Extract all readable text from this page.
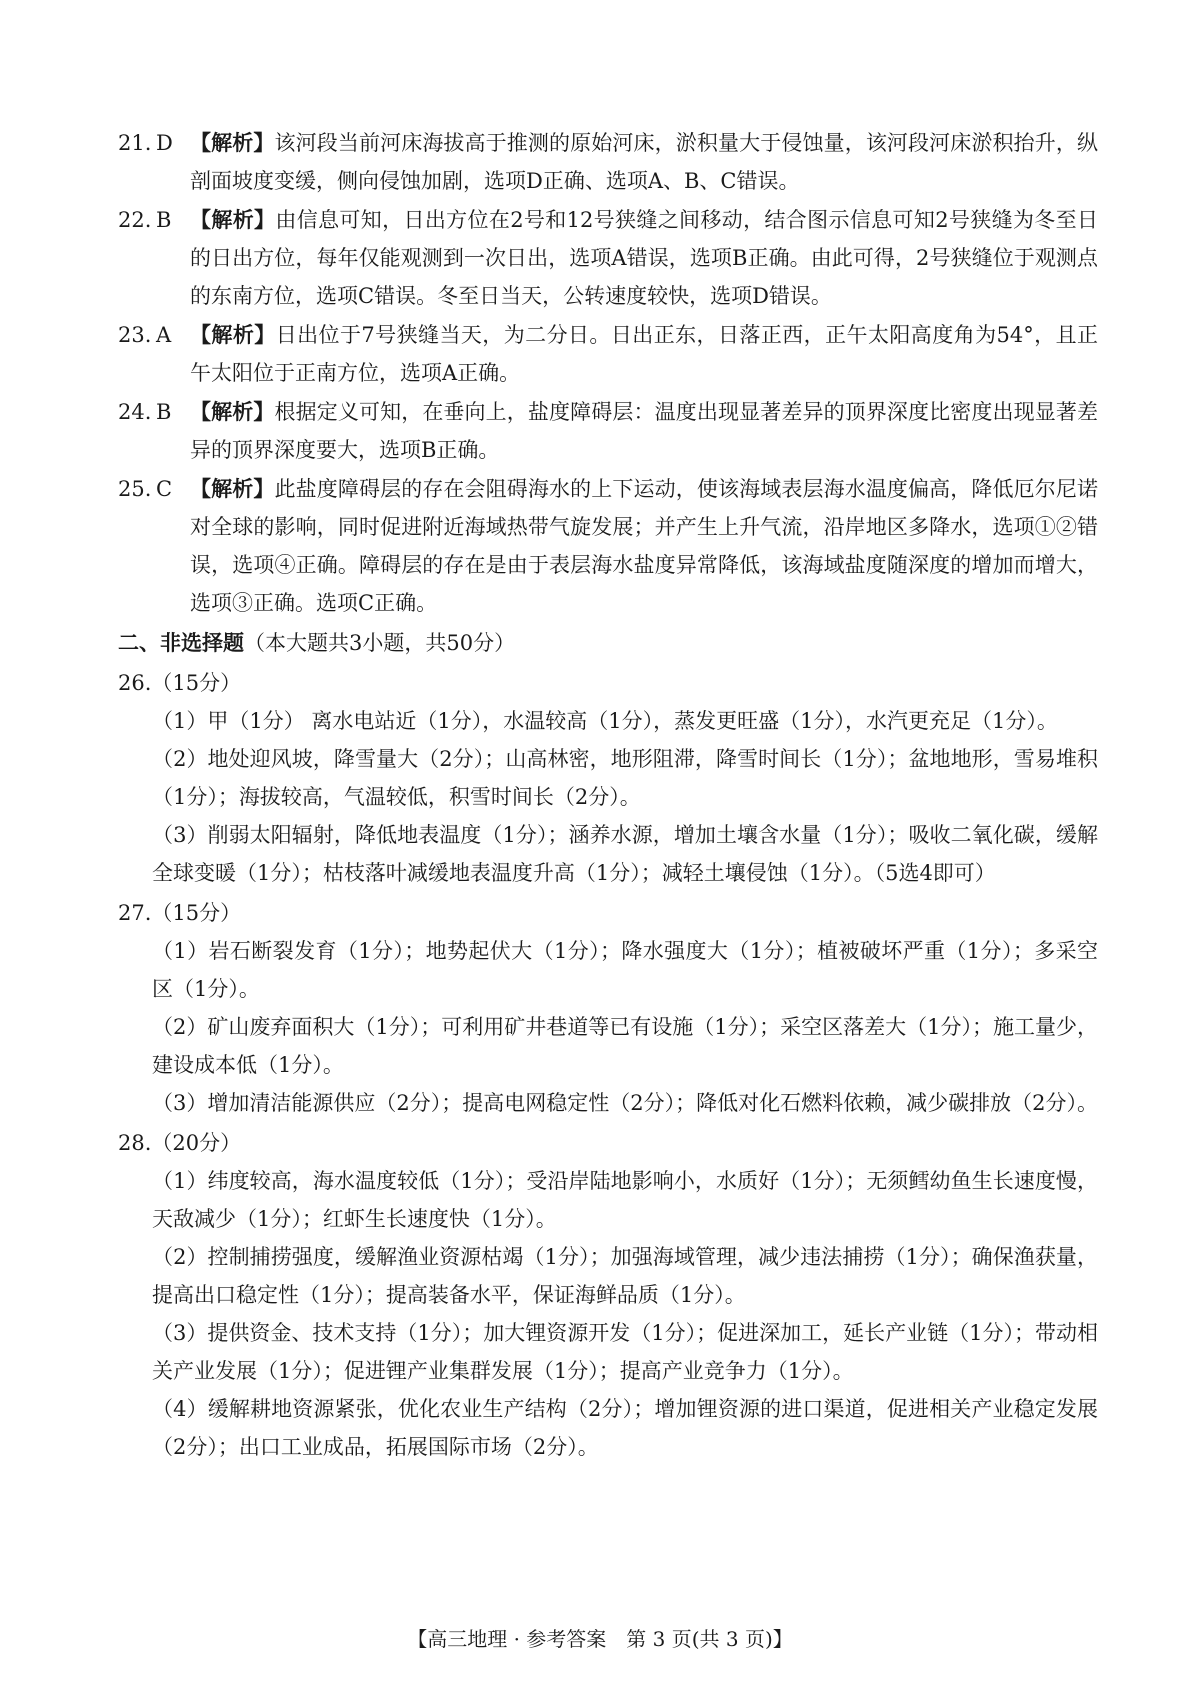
21. D 【解析】该河段当前河床海拔高于推测的原始河床，淤积量大于侵蚀量，该河段河床淤积抬升，纵剖面坡度变缓，侧向侵蚀加剧，选项D正确、选项A、B、C错误。
22. B 【解析】由信息可知，日出方位在2号和12号狭缝之间移动，结合图示信息可知2号狭缝为冬至日的日出方位，每年仅能观测到一次日出，选项A错误，选项B正确。由此可得，2号狭缝位于观测点的东南方位，选项C错误。冬至日当天，公转速度较快，选项D错误。
23. A 【解析】日出位于7号狭缝当天，为二分日。日出正东，日落正西，正午太阳高度角为54°，且正午太阳位于正南方位，选项A正确。
24. B 【解析】根据定义可知，在垂向上，盐度障碍层：温度出现显著差异的顶界深度比密度出现显著差异的顶界深度要大，选项B正确。
25. C 【解析】此盐度障碍层的存在会阻碍海水的上下运动，使该海域表层海水温度偏高，降低厄尔尼诺对全球的影响，同时促进附近海域热带气旋发展；并产生上升气流，沿岸地区多降水，选项①②错误，选项④正确。障碍层的存在是由于表层海水盐度异常降低，该海域盐度随深度的增加而增大，选项③正确。选项C正确。
二、非选择题（本大题共3小题，共50分）
26.（15分）
（1）甲（1分） 离水电站近（1分），水温较高（1分），蒸发更旺盛（1分），水汽更充足（1分）。
（2）地处迎风坡，降雪量大（2分）；山高林密，地形阻滞，降雪时间长（1分）；盆地地形，雪易堆积（1分）；海拔较高，气温较低，积雪时间长（2分）。
（3）削弱太阳辐射，降低地表温度（1分）；涵养水源，增加土壤含水量（1分）；吸收二氧化碳，缓解全球变暖（1分）；枯枝落叶减缓地表温度升高（1分）；减轻土壤侵蚀（1分）。（5选4即可）
27.（15分）
（1）岩石断裂发育（1分）；地势起伏大（1分）；降水强度大（1分）；植被破坏严重（1分）；多采空区（1分）。
（2）矿山废弃面积大（1分）；可利用矿井巷道等已有设施（1分）；采空区落差大（1分）；施工量少，建设成本低（1分）。
（3）增加清洁能源供应（2分）；提高电网稳定性（2分）；降低对化石燃料依赖，减少碳排放（2分）。
28.（20分）
（1）纬度较高，海水温度较低（1分）；受沿岸陆地影响小，水质好（1分）；无须鳕幼鱼生长速度慢，天敌减少（1分）；红虾生长速度快（1分）。
（2）控制捕捞强度，缓解渔业资源枯竭（1分）；加强海域管理，减少违法捕捞（1分）；确保渔获量，提高出口稳定性（1分）；提高装备水平，保证海鲜品质（1分）。
（3）提供资金、技术支持（1分）；加大锂资源开发（1分）；促进深加工，延长产业链（1分）；带动相关产业发展（1分）；促进锂产业集群发展（1分）；提高产业竞争力（1分）。
（4）缓解耕地资源紧张，优化农业生产结构（2分）；增加锂资源的进口渠道，促进相关产业稳定发展（2分）；出口工业成品，拓展国际市场（2分）。
【高三地理 · 参考答案　第 3 页(共 3 页)】
